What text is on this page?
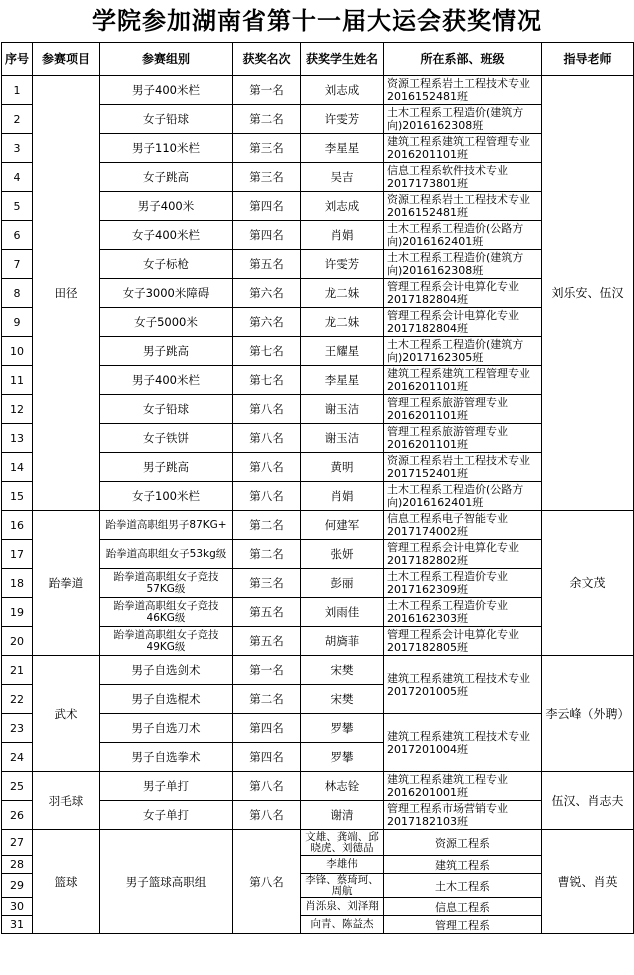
学院参加湖南省第十一届大运会获奖情况
序号	参赛项目	参赛组别	获奖名次	获奖学生姓名	所在系部、班级	指导老师
1	田径	男子400米栏	第一名	刘志成	资源工程系岩土工程技术专业2016152481班	刘乐安、伍汉
2		女子铅球	第二名	许雯芳	土木工程系工程造价(建筑方向)2016162308班	
3		男子110米栏	第三名	李星星	建筑工程系建筑工程管理专业2016201101班	
4		女子跳高	第三名	吴吉	信息工程系软件技术专业2017173801班	
5		男子400米	第四名	刘志成	资源工程系岩土工程技术专业2016152481班	
6		女子400米栏	第四名	肖娟	土木工程系工程造价(公路方向)2016162401班	
7		女子标枪	第五名	许雯芳	土木工程系工程造价(建筑方向)2016162308班	
8		女子3000米障碍	第六名	龙二妹	管理工程系会计电算化专业2017182804班	
9		女子5000米	第六名	龙二妹	管理工程系会计电算化专业2017182804班	
10		男子跳高	第七名	王耀星	土木工程系工程造价(建筑方向)2017162305班	
11		男子400米栏	第七名	李星星	建筑工程系建筑工程管理专业2016201101班	
12		女子铅球	第八名	谢玉洁	管理工程系旅游管理专业2016201101班	
13		女子铁饼	第八名	谢玉洁	管理工程系旅游管理专业2016201101班	
14		男子跳高	第八名	黄明	资源工程系岩土工程技术专业2017152401班	
15		女子100米栏	第八名	肖娟	土木工程系工程造价(公路方向)2016162401班	
16	跆拳道	跆拳道高职组男子87KG+	第二名	何建军	信息工程系电子智能专业2017174002班	余文茂
17		跆拳道高职组女子53kg级	第二名	张妍	管理工程系会计电算化专业2017182802班	
18		跆拳道高职组女子竞技57KG级	第三名	彭丽	土木工程系工程造价专业2017162309班	
19		跆拳道高职组女子竞技46KG级	第五名	刘雨佳	土木工程系工程造价专业2016162303班	
20		跆拳道高职组女子竞技49KG级	第五名	胡旖菲	管理工程系会计电算化专业2017182805班	
21	武术	男子自选剑术	第一名	宋樊	建筑工程系建筑工程技术专业2017201005班	李云峰（外聘）
22		男子自选棍术	第二名	宋樊		
23		男子自选刀术	第四名	罗攀	建筑工程系建筑工程技术专业2017201004班	
24		男子自选拳术	第四名	罗攀		
25	羽毛球	男子单打	第八名	林志铨	建筑工程系建筑工程专业2016201001班	伍汉、肖志夫
26		女子单打	第八名	谢清	管理工程系市场营销专业2017182103班	
27	篮球	男子篮球高职组	第八名	文雄、龚端、邱晓虎、刘德品	资源工程系	曹锐、肖英
28				李雄伟	建筑工程系	
29				李锋、蔡琦珂、周航	土木工程系	
30				肖泺泉、刘泽翔	信息工程系	
31				向青、陈益杰	管理工程系	
